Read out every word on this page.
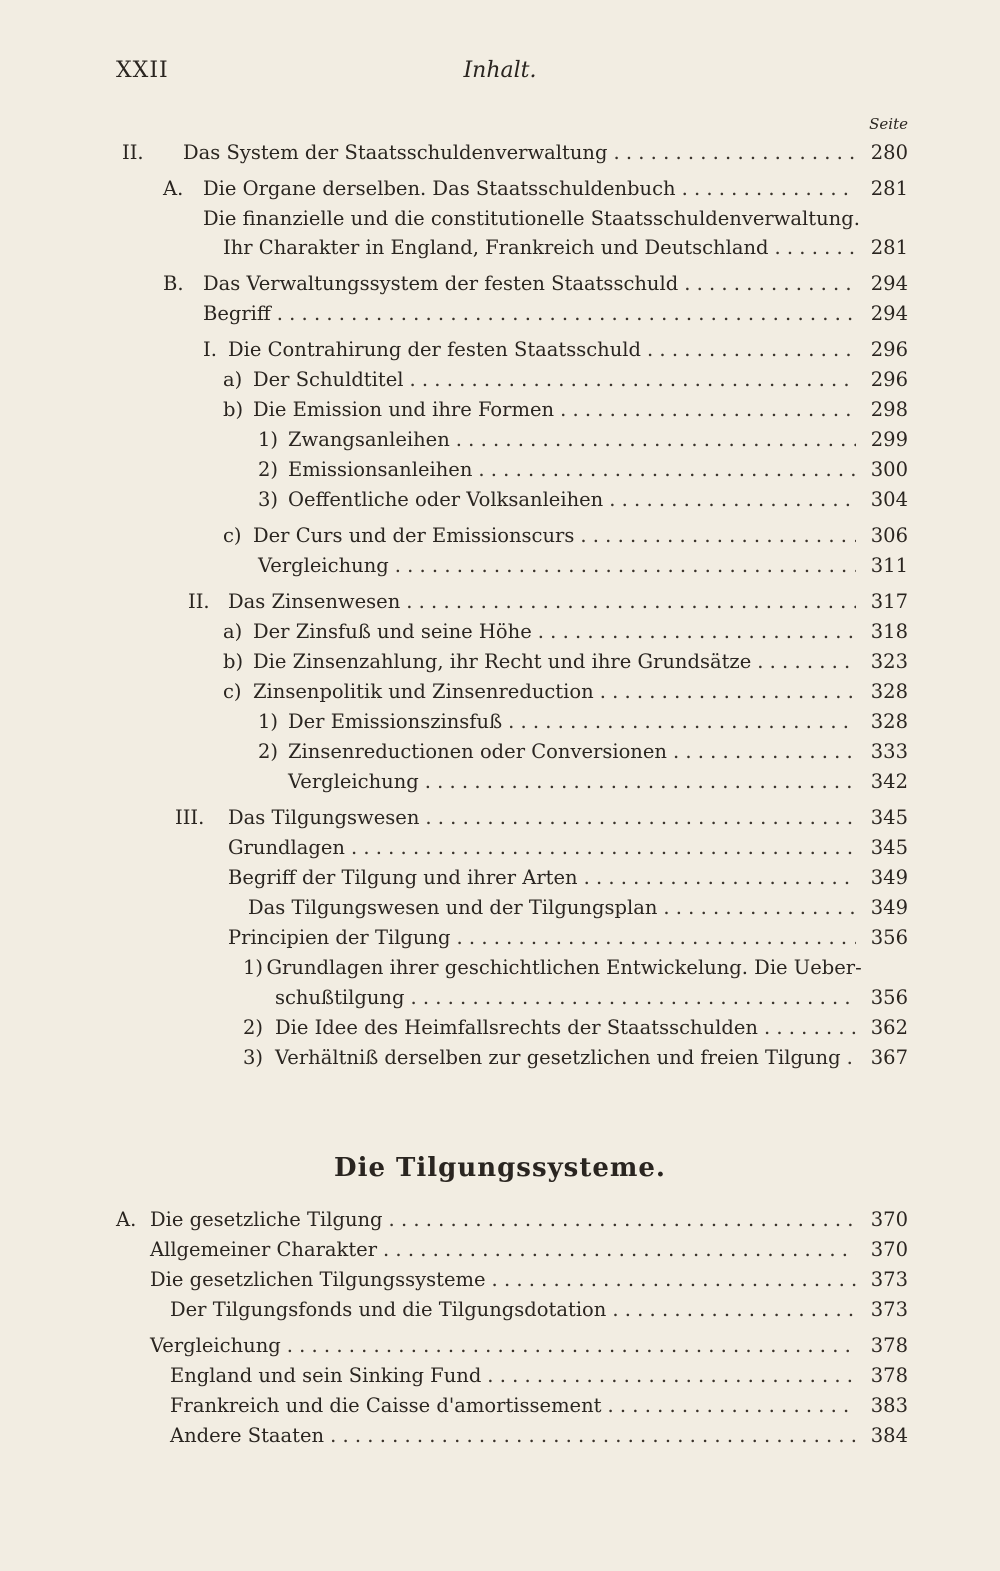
XXII	Inhalt.
Seite
II.	Das System der Staatsschuldenverwaltung . . .	280
A.	Die Organe derselben. Das Staatsschuldenbuch . . .	281
Die finanzielle und die constitutionelle Staatsschuldenverwaltung.
Ihr Charakter in England, Frankreich und Deutschland . . .	281
B. Das Verwaltungssystem der festen Staatsschuld . . .	294
Begriff . . .	294
I. Die Contrahirung der festen Staatsschuld . . .	296
a) Der Schuldtitel . . .	296
b) Die Emission und ihre Formen . . .	298
1) Zwangsanleihen . . .	299
2) Emissionsanleihen . . .	300
3) Oeffentliche oder Volksanleihen . . .	304
c) Der Curs und der Emissionscurs . . .	306
Vergleichung . . .	311
II. Das Zinsenwesen . . .	317
a) Der Zinsfuß und seine Höhe . . .	318
b) Die Zinsenzahlung, ihr Recht und ihre Grundsätze . . .	323
c) Zinsenpolitik und Zinsenreduction . . .	328
1) Der Emissionszinsfuß . . .	328
2) Zinsenreductionen oder Conversionen . . .	333
Vergleichung . . .	342
III.	Das Tilgungswesen . . .	345
Grundlagen . . .	345
Begriff der Tilgung und ihrer Arten . . .	349
Das Tilgungswesen und der Tilgungsplan . . .	349
Principien der Tilgung . . .	356
1) Grundlagen ihrer geschichtlichen Entwickelung. Die Ueber-
schußtilgung . . .	356
2) Die Idee des Heimfallsrechts der Staatsschulden . . .	362
3) Verhältniß derselben zur gesetzlichen und freien Tilgung . . .	367
Die Tilgungssysteme.
A. Die gesetzliche Tilgung . . .	370
Allgemeiner Charakter . . .	370
Die gesetzlichen Tilgungssysteme . . .	373
Der Tilgungsfonds und die Tilgungsdotation . . .	373
Vergleichung . . .	378
England und sein Sinking Fund . . .	378
Frankreich und die Caisse d'amortissement . . .	383
Andere Staaten . . .	384
